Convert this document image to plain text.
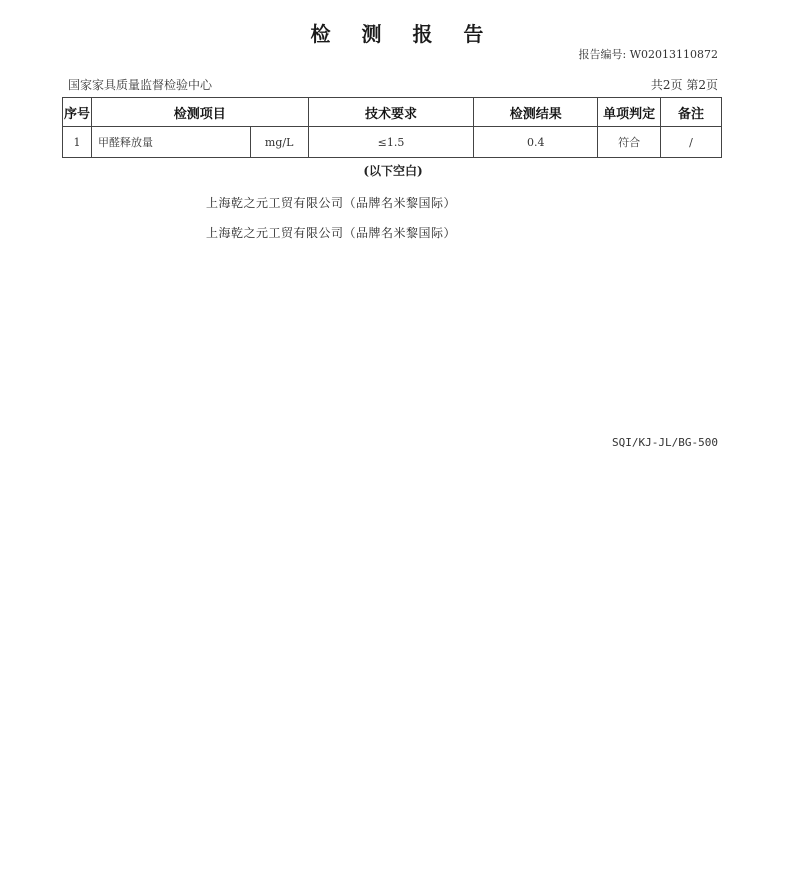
检 测 报 告
报告编号: W02013110872
国家家具质量监督检验中心	共2页 第2页
序号	检测项目		技术要求	检测结果	单项判定	备注
1	甲醛释放量	mg/L	≤1.5	0.4	符合	/
(以下空白)
上海乾之元工贸有限公司（品牌名米黎国际）
上海乾之元工贸有限公司（品牌名米黎国际）
SQI/KJ-JL/BG-500
